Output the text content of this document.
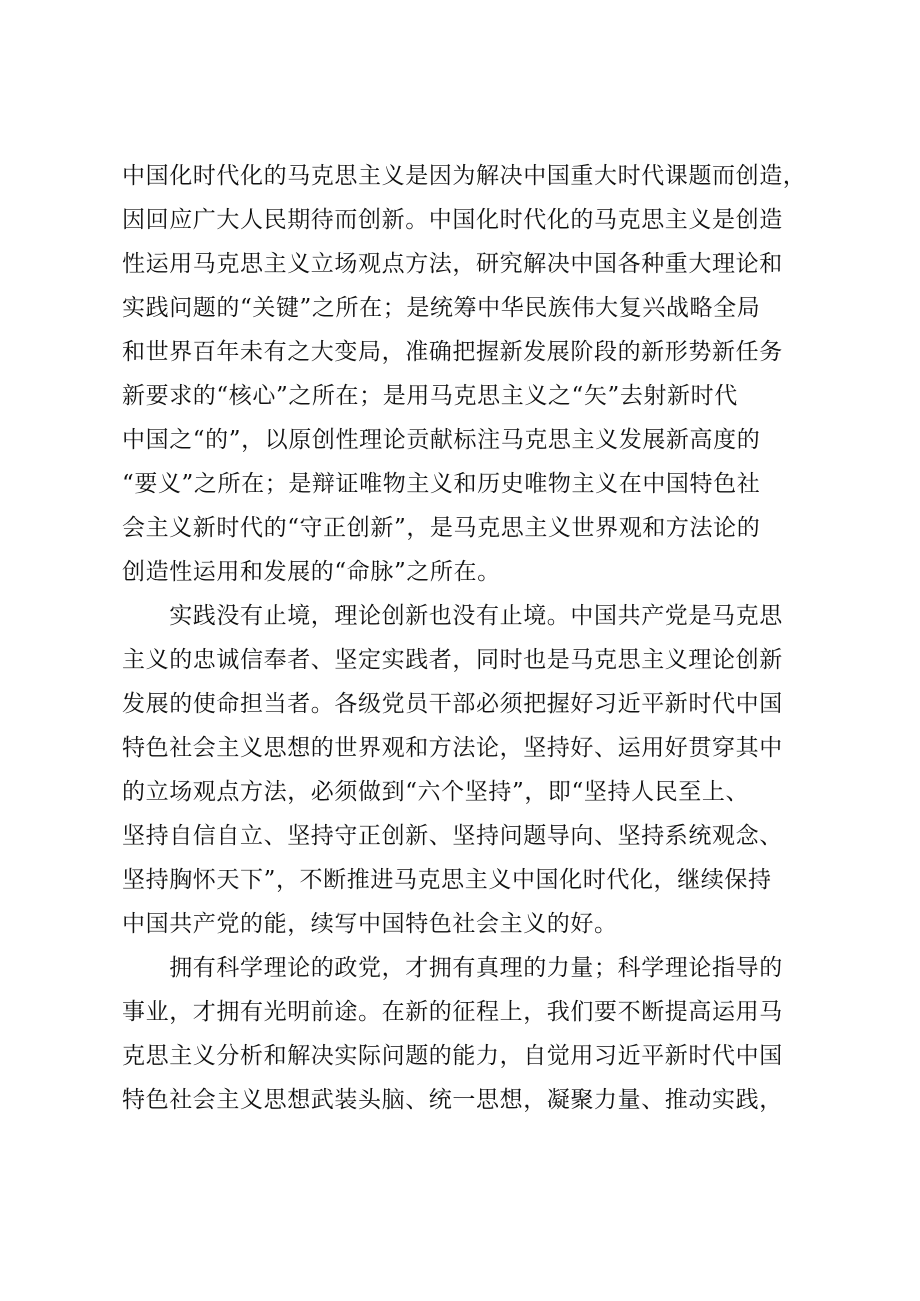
中国化时代化的马克思主义是因为解决中国重大时代课题而创造，
因回应广大人民期待而创新。中国化时代化的马克思主义是创造
性运用马克思主义立场观点方法，研究解决中国各种重大理论和
实践问题的“关键”之所在；是统筹中华民族伟大复兴战略全局
和世界百年未有之大变局，准确把握新发展阶段的新形势新任务
新要求的“核心”之所在；是用马克思主义之“矢”去射新时代
中国之“的”，以原创性理论贡献标注马克思主义发展新高度的
“要义”之所在；是辩证唯物主义和历史唯物主义在中国特色社
会主义新时代的“守正创新”，是马克思主义世界观和方法论的
创造性运用和发展的“命脉”之所在。
　　实践没有止境，理论创新也没有止境。中国共产党是马克思
主义的忠诚信奉者、坚定实践者，同时也是马克思主义理论创新
发展的使命担当者。各级党员干部必须把握好习近平新时代中国
特色社会主义思想的世界观和方法论，坚持好、运用好贯穿其中
的立场观点方法，必须做到“六个坚持”，即“坚持人民至上、
坚持自信自立、坚持守正创新、坚持问题导向、坚持系统观念、
坚持胸怀天下”，不断推进马克思主义中国化时代化，继续保持
中国共产党的能，续写中国特色社会主义的好。
　　拥有科学理论的政党，才拥有真理的力量；科学理论指导的
事业，才拥有光明前途。在新的征程上，我们要不断提高运用马
克思主义分析和解决实际问题的能力，自觉用习近平新时代中国
特色社会主义思想武装头脑、统一思想，凝聚力量、推动实践，
